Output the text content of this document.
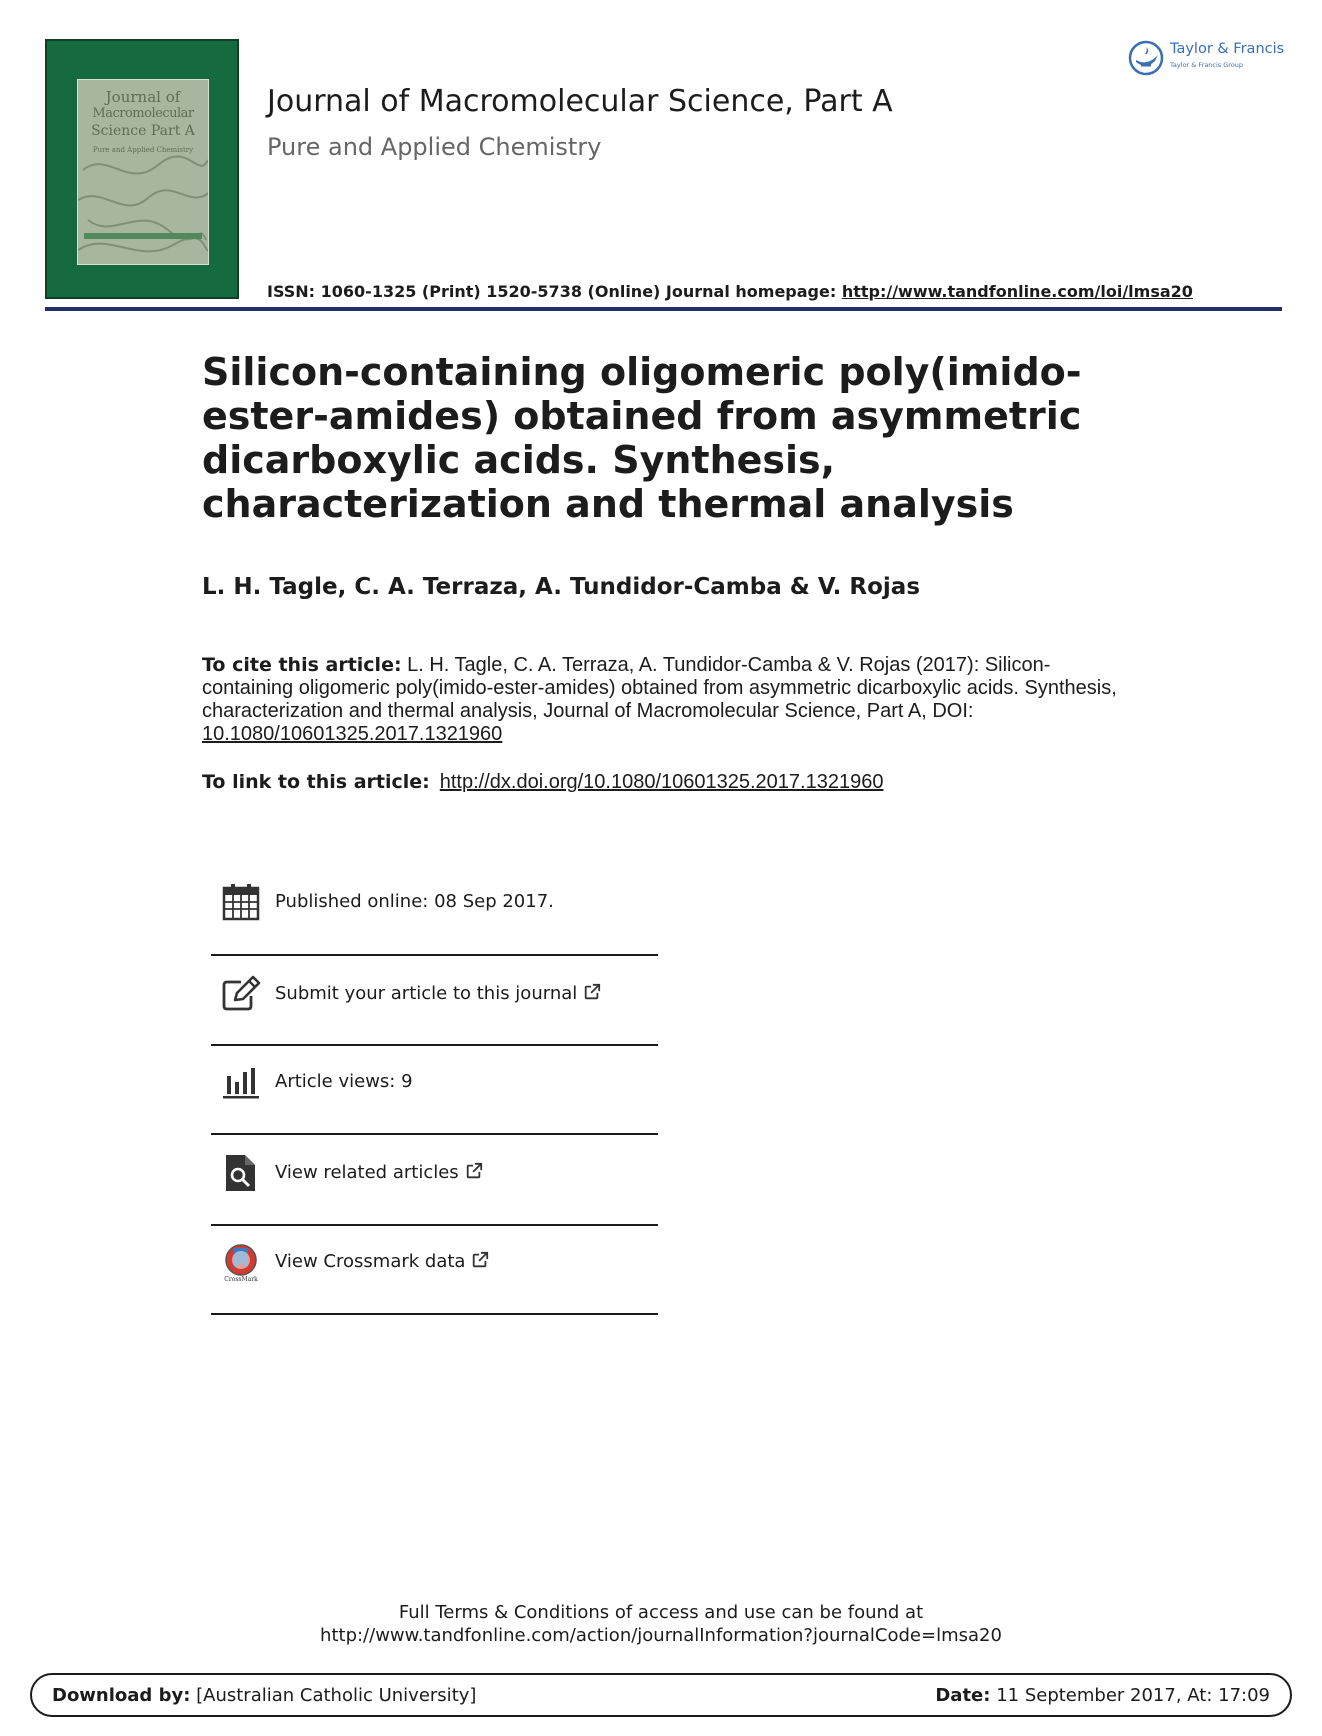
Journal of
Macromolecular
Science Part A
Pure and Applied Chemistry
Journal of Macromolecular Science, Part A
Pure and Applied Chemistry
ISSN: 1060-1325 (Print) 1520-5738 (Online) Journal homepage: http://www.tandfonline.com/loi/lmsa20
Taylor & Francis
Taylor & Francis Group
Silicon-containing oligomeric poly(imido-ester-amides) obtained from asymmetric dicarboxylic acids. Synthesis, characterization and thermal analysis
L. H. Tagle, C. A. Terraza, A. Tundidor-Camba & V. Rojas
To cite this article: L. H. Tagle, C. A. Terraza, A. Tundidor-Camba & V. Rojas (2017): Silicon-containing oligomeric poly(imido-ester-amides) obtained from asymmetric dicarboxylic acids. Synthesis, characterization and thermal analysis, Journal of Macromolecular Science, Part A, DOI:
10.1080/10601325.2017.1321960
To link to this article: http://dx.doi.org/10.1080/10601325.2017.1321960
Published online: 08 Sep 2017.
Submit your article to this journal
Article views: 9
View related articles
CrossMark
View Crossmark data
Full Terms & Conditions of access and use can be found at
http://www.tandfonline.com/action/journalInformation?journalCode=lmsa20
Download by: [Australian Catholic University]	Date: 11 September 2017, At: 17:09
